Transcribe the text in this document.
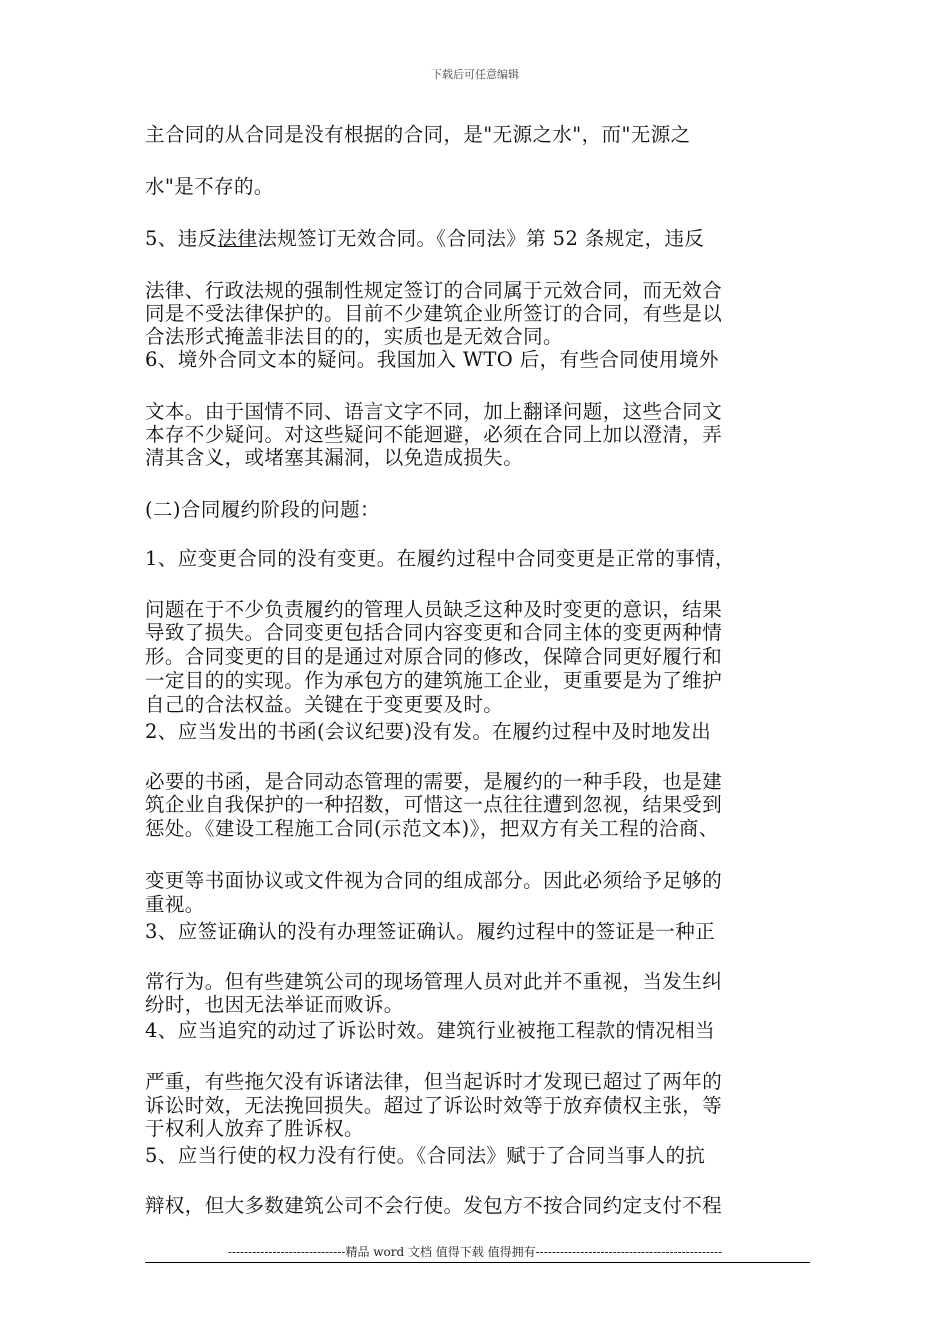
下载后可任意编辑
主合同的从合同是没有根据的合同，是"无源之水"，而"无源之
水"是不存的。
5、违反法律法规签订无效合同。《合同法》第 52 条规定，违反
法律、行政法规的强制性规定签订的合同属于元效合同，而无效合
同是不受法律保护的。目前不少建筑企业所签订的合同，有些是以
合法形式掩盖非法目的的，实质也是无效合同。
6、境外合同文本的疑问。我国加入 WTO 后，有些合同使用境外
文本。由于国情不同、语言文字不同，加上翻译问题，这些合同文
本存不少疑问。对这些疑问不能迴避，必须在合同上加以澄清，弄
清其含义，或堵塞其漏洞，以免造成损失。
(二)合同履约阶段的问题：
1、应变更合同的没有变更。在履约过程中合同变更是正常的事情，
问题在于不少负责履约的管理人员缺乏这种及时变更的意识，结果
导致了损失。合同变更包括合同内容变更和合同主体的变更两种情
形。合同变更的目的是通过对原合同的修改，保障合同更好履行和
一定目的的实现。作为承包方的建筑施工企业，更重要是为了维护
自己的合法权益。关键在于变更要及时。
2、应当发出的书函(会议纪要)没有发。在履约过程中及时地发出
必要的书函，是合同动态管理的需要，是履约的一种手段，也是建
筑企业自我保护的一种招数，可惜这一点往往遭到忽视，结果受到
惩处。《建设工程施工合同(示范文本)》，把双方有关工程的洽商、
变更等书面协议或文件视为合同的组成部分。因此必须给予足够的
重视。
3、应签证确认的没有办理签证确认。履约过程中的签证是一种正
常行为。但有些建筑公司的现场管理人员对此并不重视，当发生纠
纷时，也因无法举证而败诉。
4、应当追究的动过了诉讼时效。建筑行业被拖工程款的情况相当
严重，有些拖欠没有诉诸法律，但当起诉时才发现已超过了两年的
诉讼时效，无法挽回损失。超过了诉讼时效等于放弃债权主张，等
于权利人放弃了胜诉权。
5、应当行使的权力没有行使。《合同法》赋于了合同当事人的抗
辩权，但大多数建筑公司不会行使。发包方不按合同约定支付不程
-----------------------------精品 word 文档 值得下载 值得拥有----------------------------------------------
